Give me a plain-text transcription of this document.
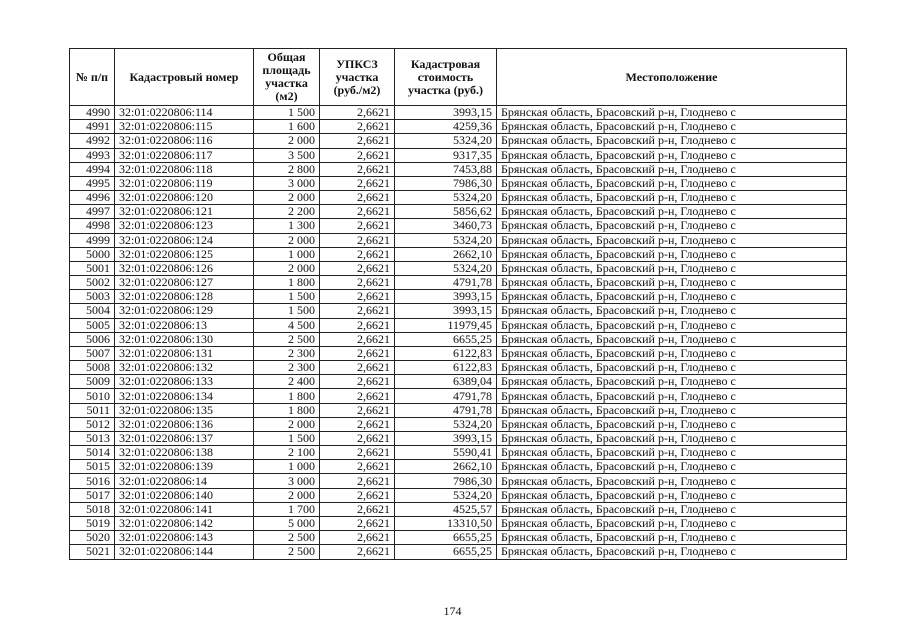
№ п/п	Кадастровый номер	Общая площадь участка (м2)	УПКСЗ участка (руб./м2)	Кадастровая стоимость участка (руб.)	Местоположение
4990	32:01:0220806:114	1 500	2,6621	3993,15	Брянская область, Брасовский р-н, Глоднево с
4991	32:01:0220806:115	1 600	2,6621	4259,36	Брянская область, Брасовский р-н, Глоднево с
4992	32:01:0220806:116	2 000	2,6621	5324,20	Брянская область, Брасовский р-н, Глоднево с
4993	32:01:0220806:117	3 500	2,6621	9317,35	Брянская область, Брасовский р-н, Глоднево с
4994	32:01:0220806:118	2 800	2,6621	7453,88	Брянская область, Брасовский р-н, Глоднево с
4995	32:01:0220806:119	3 000	2,6621	7986,30	Брянская область, Брасовский р-н, Глоднево с
4996	32:01:0220806:120	2 000	2,6621	5324,20	Брянская область, Брасовский р-н, Глоднево с
4997	32:01:0220806:121	2 200	2,6621	5856,62	Брянская область, Брасовский р-н, Глоднево с
4998	32:01:0220806:123	1 300	2,6621	3460,73	Брянская область, Брасовский р-н, Глоднево с
4999	32:01:0220806:124	2 000	2,6621	5324,20	Брянская область, Брасовский р-н, Глоднево с
5000	32:01:0220806:125	1 000	2,6621	2662,10	Брянская область, Брасовский р-н, Глоднево с
5001	32:01:0220806:126	2 000	2,6621	5324,20	Брянская область, Брасовский р-н, Глоднево с
5002	32:01:0220806:127	1 800	2,6621	4791,78	Брянская область, Брасовский р-н, Глоднево с
5003	32:01:0220806:128	1 500	2,6621	3993,15	Брянская область, Брасовский р-н, Глоднево с
5004	32:01:0220806:129	1 500	2,6621	3993,15	Брянская область, Брасовский р-н, Глоднево с
5005	32:01:0220806:13	4 500	2,6621	11979,45	Брянская область, Брасовский р-н, Глоднево с
5006	32:01:0220806:130	2 500	2,6621	6655,25	Брянская область, Брасовский р-н, Глоднево с
5007	32:01:0220806:131	2 300	2,6621	6122,83	Брянская область, Брасовский р-н, Глоднево с
5008	32:01:0220806:132	2 300	2,6621	6122,83	Брянская область, Брасовский р-н, Глоднево с
5009	32:01:0220806:133	2 400	2,6621	6389,04	Брянская область, Брасовский р-н, Глоднево с
5010	32:01:0220806:134	1 800	2,6621	4791,78	Брянская область, Брасовский р-н, Глоднево с
5011	32:01:0220806:135	1 800	2,6621	4791,78	Брянская область, Брасовский р-н, Глоднево с
5012	32:01:0220806:136	2 000	2,6621	5324,20	Брянская область, Брасовский р-н, Глоднево с
5013	32:01:0220806:137	1 500	2,6621	3993,15	Брянская область, Брасовский р-н, Глоднево с
5014	32:01:0220806:138	2 100	2,6621	5590,41	Брянская область, Брасовский р-н, Глоднево с
5015	32:01:0220806:139	1 000	2,6621	2662,10	Брянская область, Брасовский р-н, Глоднево с
5016	32:01:0220806:14	3 000	2,6621	7986,30	Брянская область, Брасовский р-н, Глоднево с
5017	32:01:0220806:140	2 000	2,6621	5324,20	Брянская область, Брасовский р-н, Глоднево с
5018	32:01:0220806:141	1 700	2,6621	4525,57	Брянская область, Брасовский р-н, Глоднево с
5019	32:01:0220806:142	5 000	2,6621	13310,50	Брянская область, Брасовский р-н, Глоднево с
5020	32:01:0220806:143	2 500	2,6621	6655,25	Брянская область, Брасовский р-н, Глоднево с
5021	32:01:0220806:144	2 500	2,6621	6655,25	Брянская область, Брасовский р-н, Глоднево с
174
